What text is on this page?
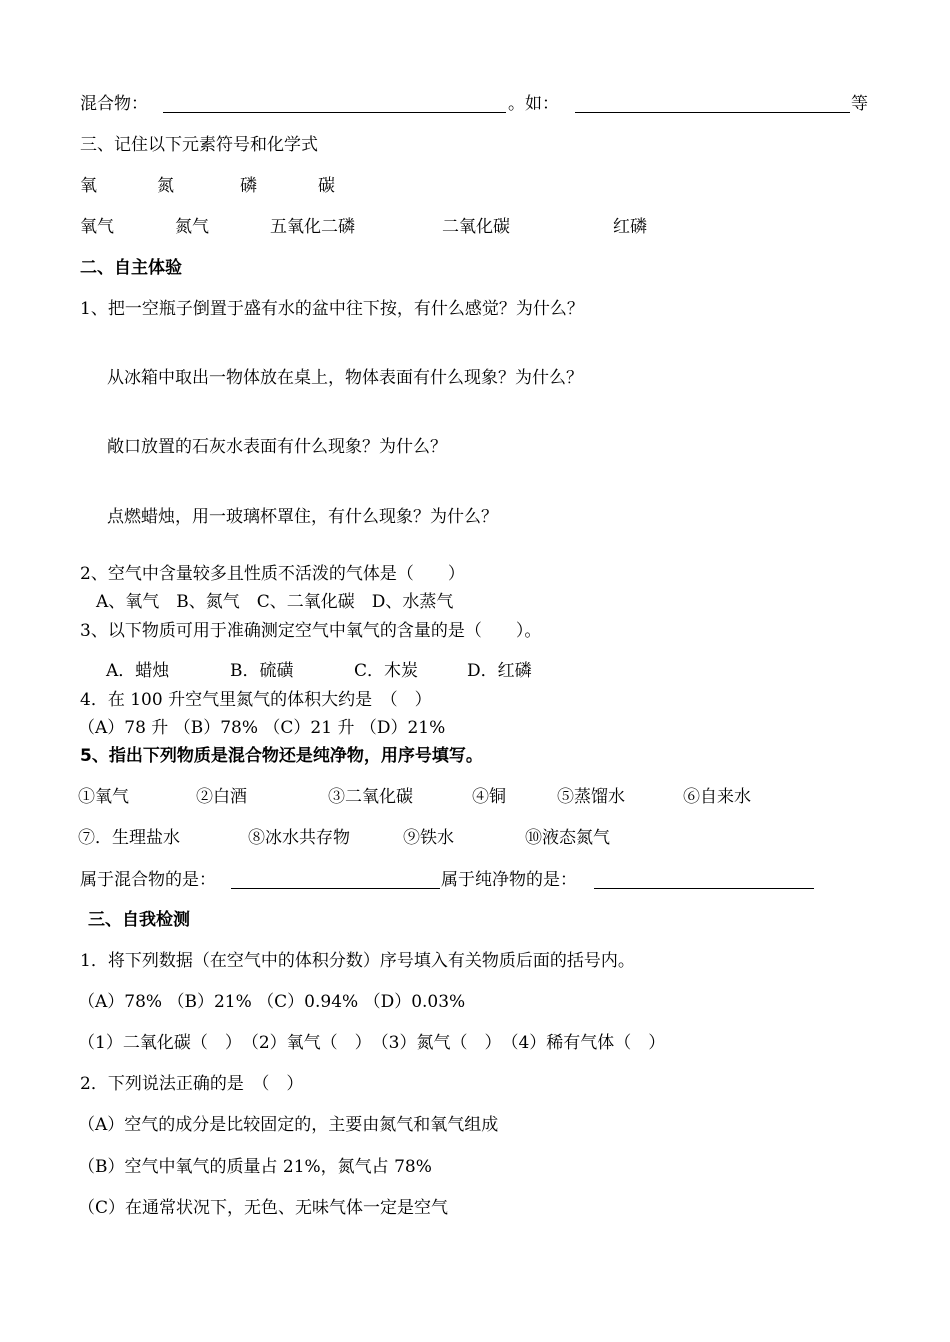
混合物：	。如：	等
三、记住以下元素符号和化学式
氧	氮	磷	碳
氧气	氮气	五氧化二磷	二氧化碳	红磷
二、自主体验
1、把一空瓶子倒置于盛有水的盆中往下按，有什么感觉？为什么？
从冰箱中取出一物体放在桌上，物体表面有什么现象？为什么？
敞口放置的石灰水表面有什么现象？为什么？
点燃蜡烛，用一玻璃杯罩住，有什么现象？为什么？
2、空气中含量较多且性质不活泼的气体是（　　）
A、氧气　B、氮气　C、二氧化碳　D、水蒸气
3、以下物质可用于准确测定空气中氧气的含量的是（　　）。
A．蜡烛	B．硫磺	C．木炭	D．红磷
4．在 100 升空气里氮气的体积大约是　（　）
（A）78 升 （B）78% （C）21 升 （D）21%
5、指出下列物质是混合物还是纯净物，用序号填写。
①氧气	②白酒	③二氧化碳	④铜	⑤蒸馏水	⑥自来水
⑦．生理盐水	⑧冰水共存物	⑨铁水	⑩液态氮气
属于混合物的是：	属于纯净物的是：
三、自我检测
1．将下列数据（在空气中的体积分数）序号填入有关物质后面的括号内。
（A）78% （B）21% （C）0.94% （D）0.03%
（1）二氧化碳（　）　（2）氧气（　）　（3）氮气（　）　（4）稀有气体（　）
2．下列说法正确的是　（　）
（A）空气的成分是比较固定的，主要由氮气和氧气组成
（B）空气中氧气的质量占 21%，氮气占 78%
（C）在通常状况下，无色、无味气体一定是空气
